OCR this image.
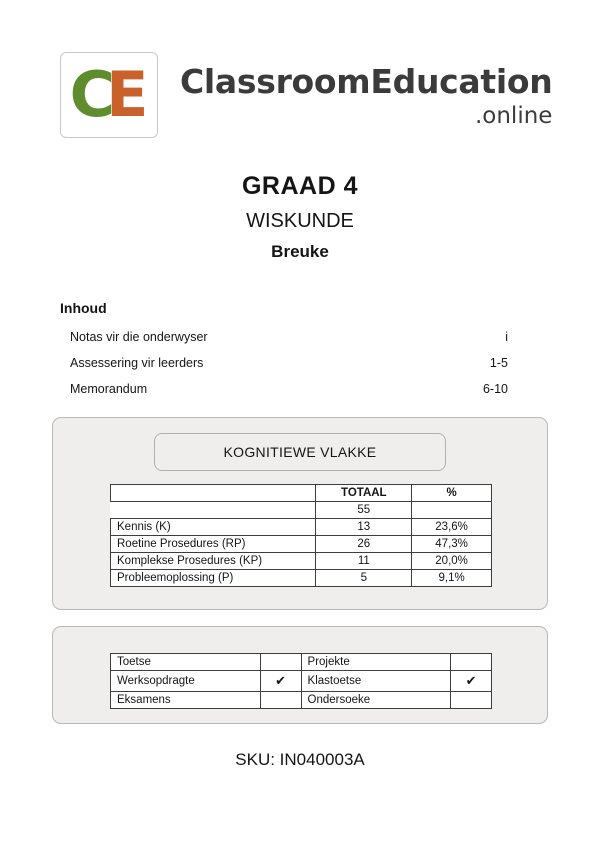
C
E ClassroomEducation
.online
GRAAD 4
WISKUNDE
Breuke
Inhoud
Notas vir die onderwyser	i
Assessering vir leerders	1-5
Memorandum	6-10
KOGNITIEWE VLAKKE
	TOTAAL	%
	55	
Kennis (K)	13	23,6%
Roetine Prosedures (RP)	26	47,3%
Komplekse Prosedures (KP)	11	20,0%
Probleemoplossing (P)	5	9,1%
Toetse		Projekte	
Werksopdragte	✔	Klastoetse	✔
Eksamens		Ondersoeke	
SKU: IN040003A
